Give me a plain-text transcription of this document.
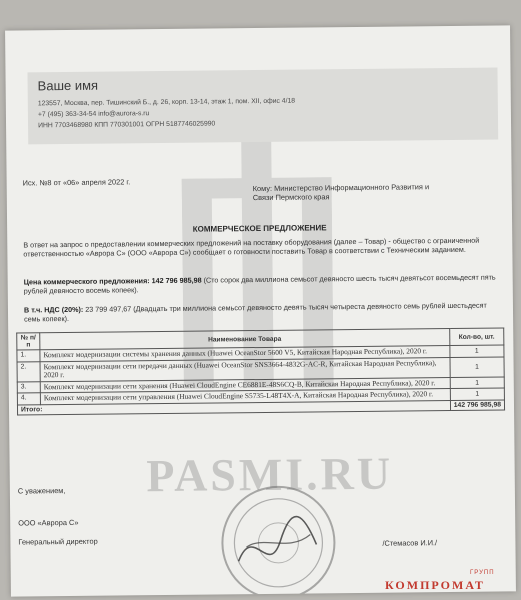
PASMI.RU
Ваше имя
123557, Москва, пер. Тишинский Б., д. 26, корп. 13-14, этаж 1, пом. XII, офис 4/18
+7 (495) 363-34-54 info@aurora-s.ru
ИНН 7703468980 КПП 770301001 ОГРН 5187746025990
Исх. №8 от «06» апреля 2022 г.	Кому: Министерство Информационного Развития и
Связи Пермского края
КОММЕРЧЕСКОЕ ПРЕДЛОЖЕНИЕ
В ответ на запрос о предоставлении коммерческих предложений на поставку оборудования (далее – Товар) - общество с ограниченной ответственностью «Аврора С» (ООО «Аврора С») сообщает о готовности поставить Товар в соответствии с Техническим заданием.
Цена коммерческого предложения: 142 796 985,98 (Сто сорок два миллиона семьсот девяносто шесть тысяч девятьсот восемьдесят пять рублей девяносто восемь копеек).
В т.ч. НДС (20%): 23 799 497,67 (Двадцать три миллиона семьсот девяносто девять тысяч четыреста девяносто семь рублей шестьдесят семь копеек).
№ п/п	Наименование Товара	Кол-во, шт.
1.	Комплект модернизации системы хранения данных (Huawei OceanStor 5600 V5, Китайская Народная Республика), 2020 г.	1
2.	Комплект модернизации сети передачи данных (Huawei OceanStor SNS3664-4832G-AC-R, Китайская Народная Республика), 2020 г.	1
3.	Комплект модернизации сети хранения (Huawei CloudEngine CE6881E-48S6CQ-B, Китайская Народная Республика), 2020 г.	1
4.	Комплект модернизации сети управления (Huawei CloudEngine S5735-L48T4X-A, Китайская Народная Республика), 2020 г.	1
Итого:		142 796 985,98
С уважением,
ООО «Аврора С»
Генеральный директор	/Стемасов И.И./
ГРУПП
КОМПРОМАТ
